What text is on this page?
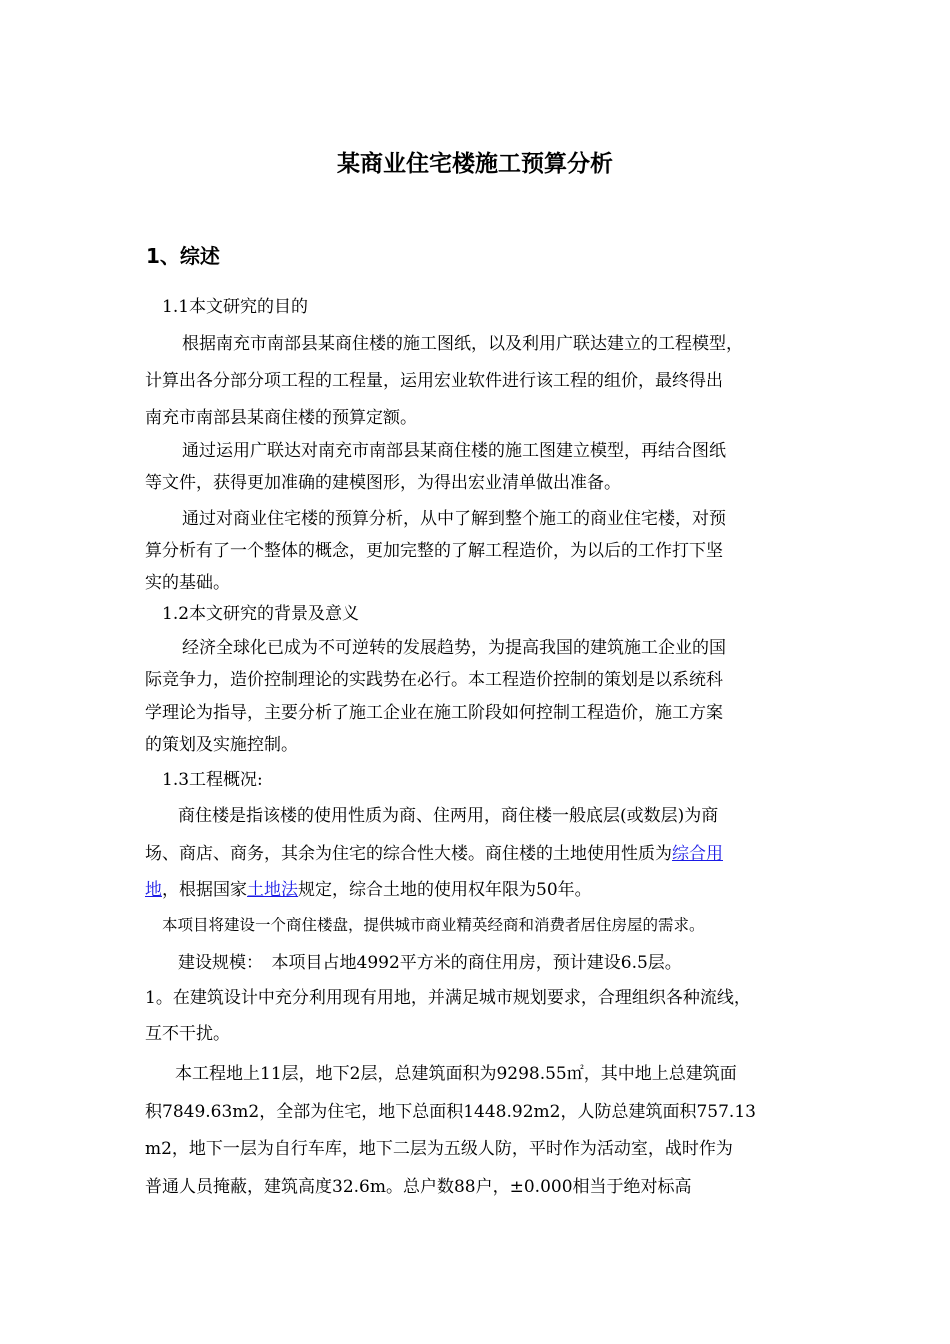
某商业住宅楼施工预算分析
1、综述
1.1本文研究的目的
根据南充市南部县某商住楼的施工图纸，以及利用广联达建立的工程模型，
计算出各分部分项工程的工程量，运用宏业软件进行该工程的组价，最终得出
南充市南部县某商住楼的预算定额。
通过运用广联达对南充市南部县某商住楼的施工图建立模型，再结合图纸
等文件，获得更加准确的建模图形，为得出宏业清单做出准备。
通过对商业住宅楼的预算分析，从中了解到整个施工的商业住宅楼，对预
算分析有了一个整体的概念，更加完整的了解工程造价，为以后的工作打下坚
实的基础。
1.2本文研究的背景及意义
经济全球化已成为不可逆转的发展趋势，为提高我国的建筑施工企业的国
际竞争力，造价控制理论的实践势在必行。本工程造价控制的策划是以系统科
学理论为指导，主要分析了施工企业在施工阶段如何控制工程造价，施工方案
的策划及实施控制。
1.3工程概况:
商住楼是指该楼的使用性质为商、住两用，商住楼一般底层(或数层)为商
场、商店、商务，其余为住宅的综合性大楼。商住楼的土地使用性质为综合用
地，根据国家土地法规定，综合土地的使用权年限为50年。
本项目将建设一个商住楼盘，提供城市商业精英经商和消费者居住房屋的需求。
建设规模：　本项目占地4992平方米的商住用房，预计建设6.5层。
1。在建筑设计中充分利用现有用地，并满足城市规划要求，合理组织各种流线，
互不干扰。
本工程地上11层，地下2层，总建筑面积为9298.55㎡，其中地上总建筑面
积7849.63m2，全部为住宅，地下总面积1448.92m2，人防总建筑面积757.13
m2，地下一层为自行车库，地下二层为五级人防，平时作为活动室，战时作为
普通人员掩蔽，建筑高度32.6m。总户数88户，±0.000相当于绝对标高
